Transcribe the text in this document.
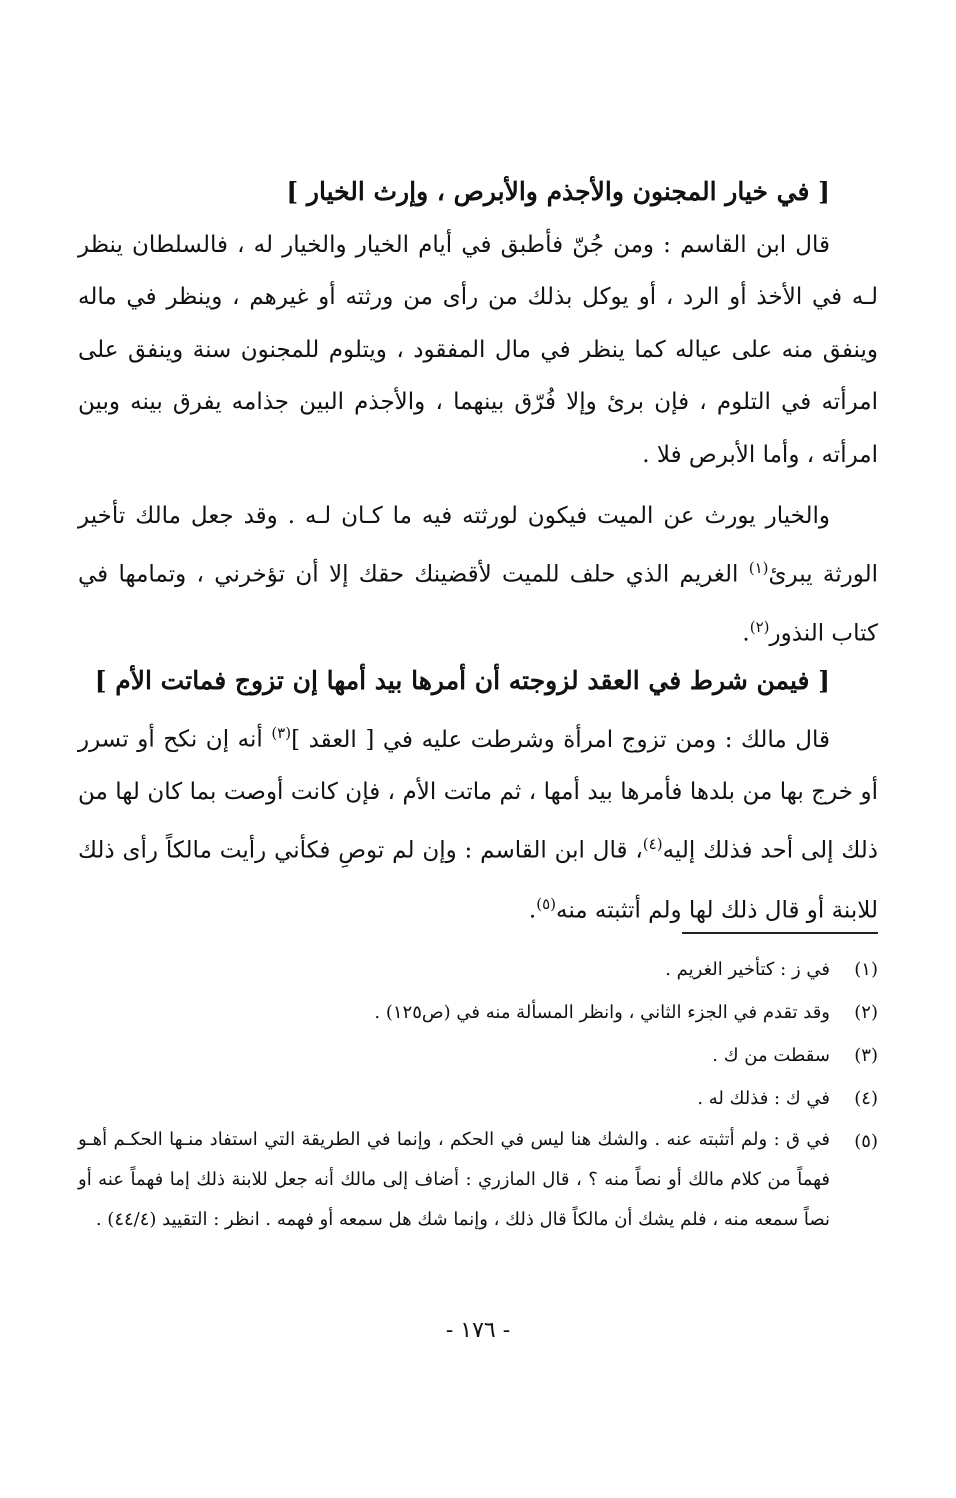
[ في خيار المجنون والأجذم والأبرص ، وإرث الخيار ]
قال ابن القاسم : ومن جُنّ فأطبق في أيام الخيار والخيار له ، فالسلطان ينظر لـه في الأخذ أو الرد ، أو يوكل بذلك من رأى من ورثته أو غيرهم ، وينظر في ماله وينفق منه على عياله كما ينظر في مال المفقود ، ويتلوم للمجنون سنة وينفق على امرأته في التلوم ، فإن برئ وإلا فُرّق بينهما ، والأجذم البين جذامه يفرق بينه وبين امرأته ، وأما الأبرص فلا .
والخيار يورث عن الميت فيكون لورثته فيه ما كـان لـه . وقد جعل مالك تأخير الورثة يبرئ$^{(١)}$ الغريم الذي حلف للميت لأقضينك حقك إلا أن تؤخرني ، وتمامها في كتاب النذور$^{(٢)}$.
[ فيمن شرط في العقد لزوجته أن أمرها بيد أمها إن تزوج فماتت الأم ]
قال مالك : ومن تزوج امرأة وشرطت عليه في [ العقد ]$^{(٣)}$ أنه إن نكح أو تسرر أو خرج بها من بلدها فأمرها بيد أمها ، ثم ماتت الأم ، فإن كانت أوصت بما كان لها من ذلك إلى أحد فذلك إليه$^{(٤)}$، قال ابن القاسم : وإن لم توصِ فكأني رأيت مالكاً رأى ذلك للابنة أو قال ذلك لها ولم أتثبته منه$^{(٥)}$.
(١)
في ز : كتأخير الغريم .
(٢)
وقد تقدم في الجزء الثاني ، وانظر المسألة منه في (ص١٢٥) .
(٣)
سقطت من ك .
(٤)
في ك : فذلك له .
(٥)
في ق : ولم أتثبته عنه . والشك هنا ليس في الحكم ، وإنما في الطريقة التي استفاد منـها الحكـم أهـو فهماً من كلام مالك أو نصاً منه ؟ ، قال المازري : أضاف إلى مالك أنه جعل للابنة ذلك إما فهماً عنه أو نصاً سمعه منه ، فلم يشك أن مالكاً قال ذلك ، وإنما شك هل سمعه أو فهمه . انظر : التقييد (٤٤/٤) .
- ١٧٦ -
